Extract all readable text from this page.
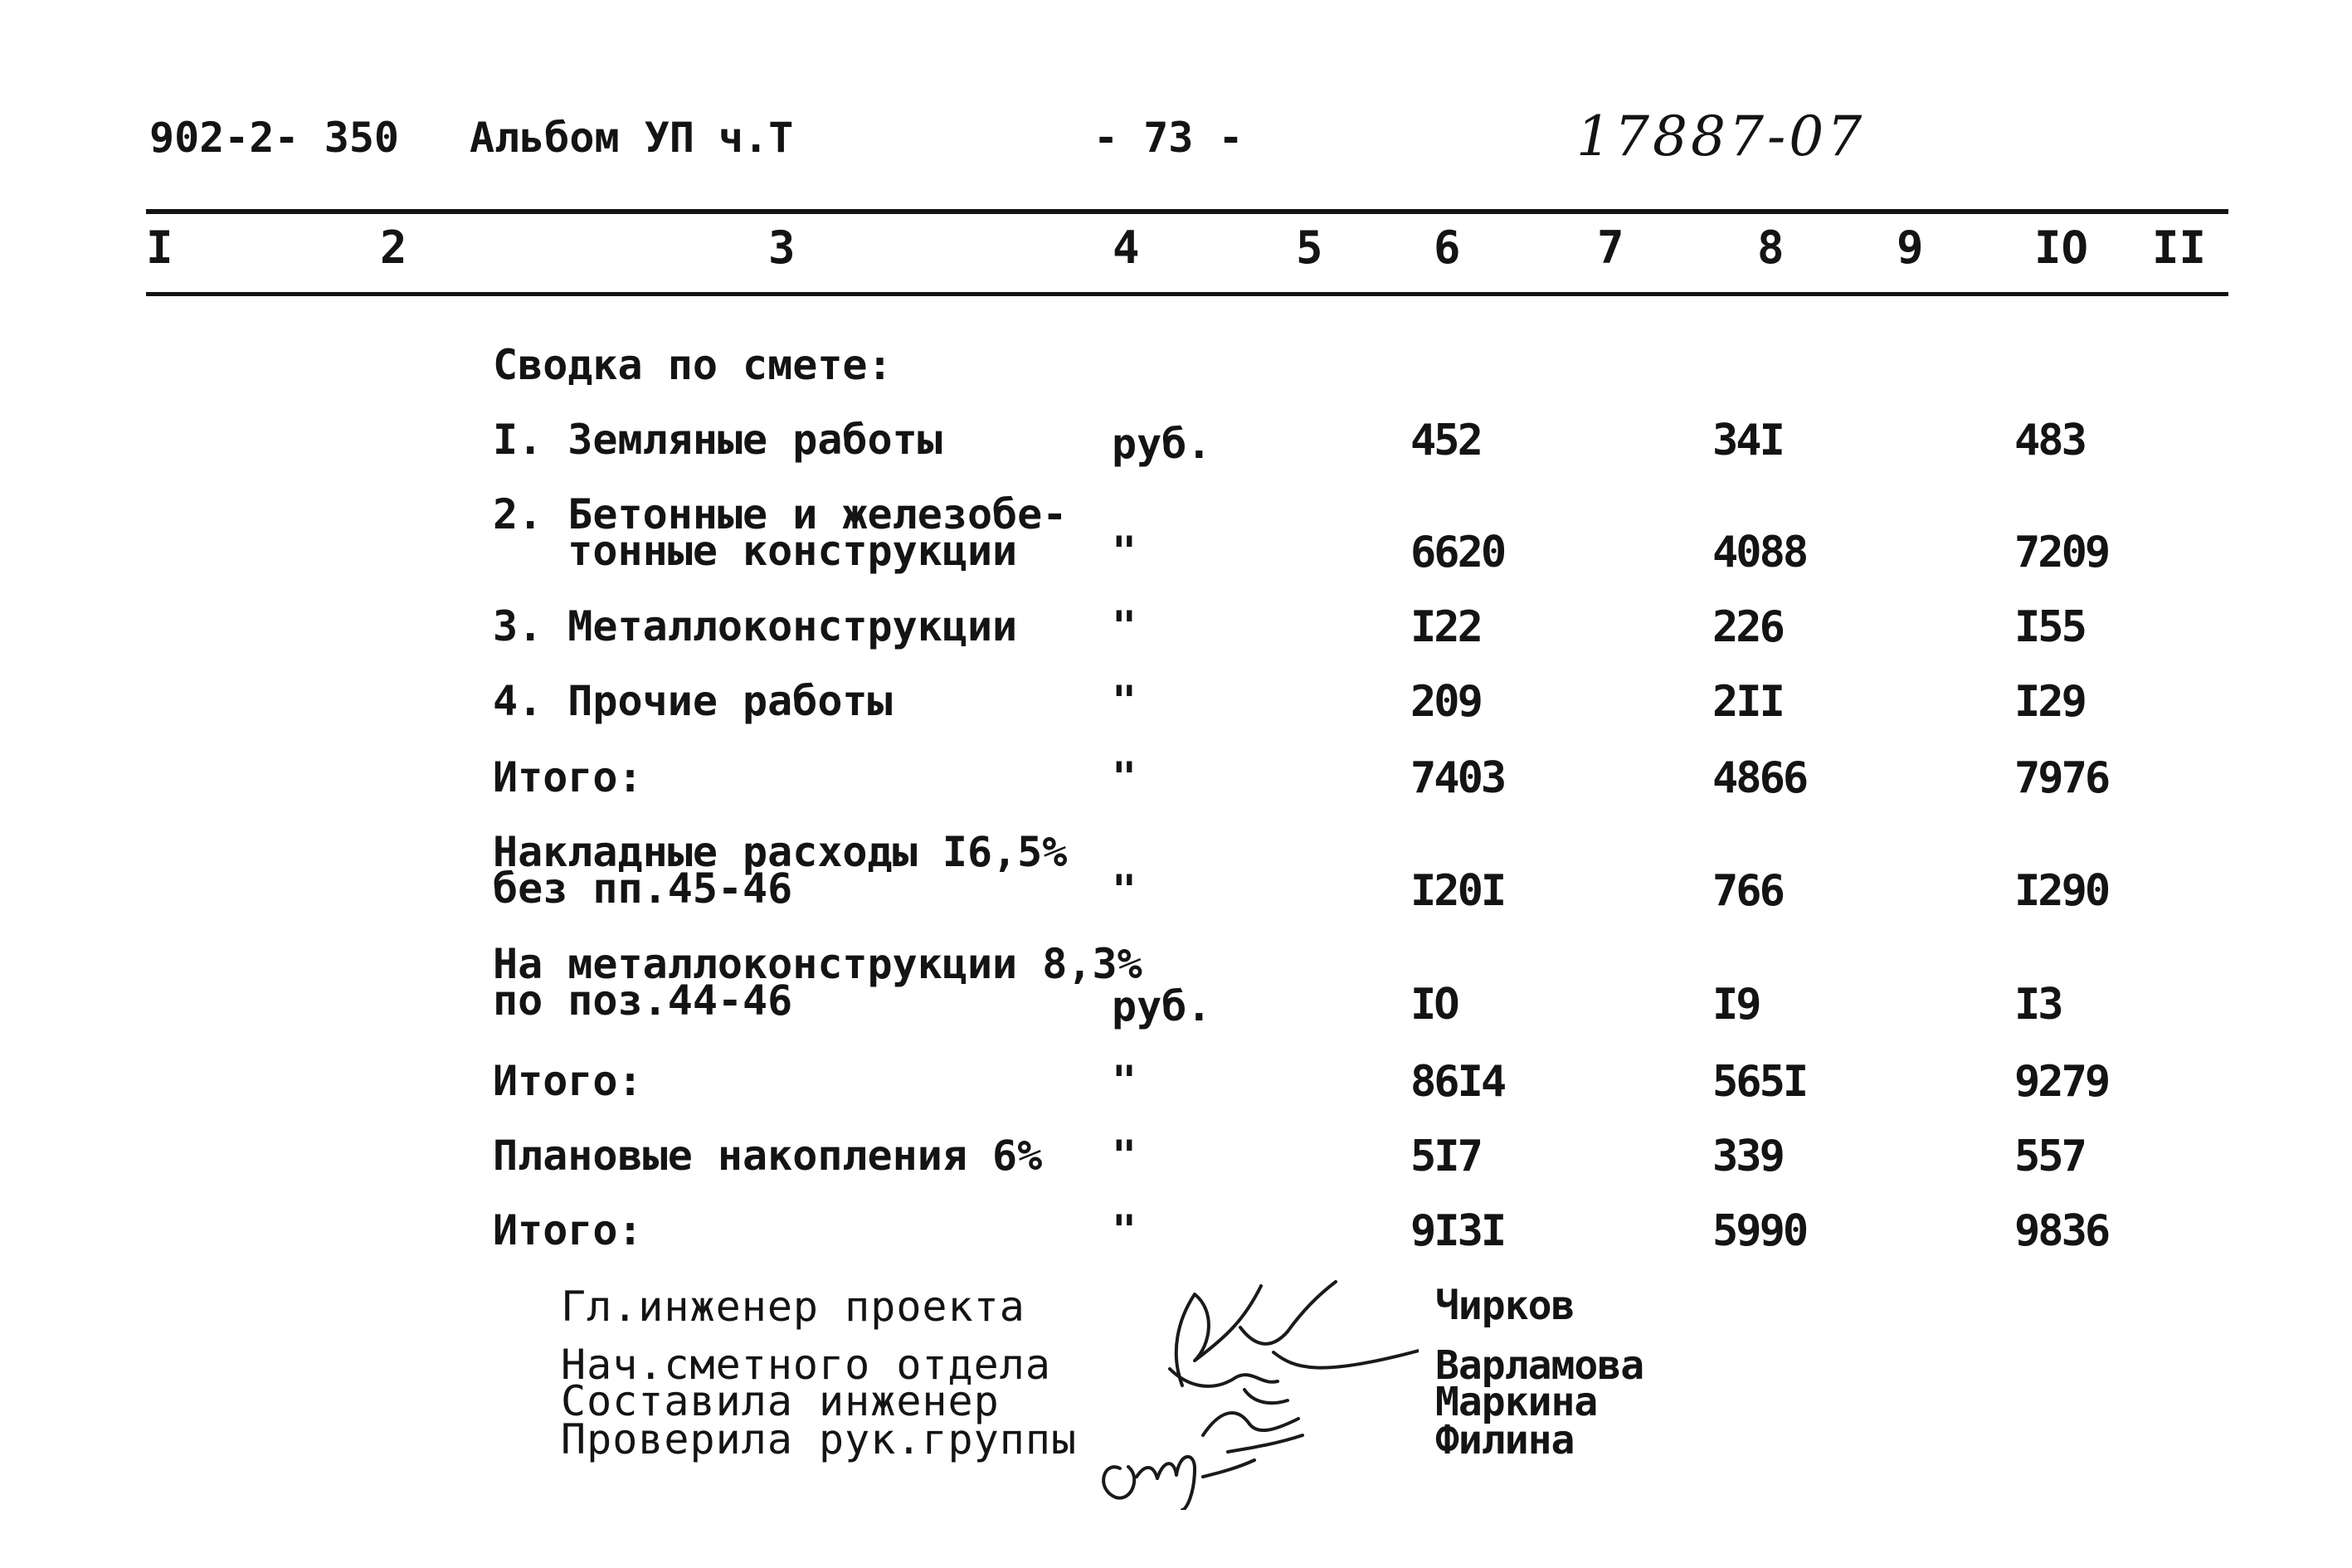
902-2- 350 Альбом УП ч.Т	- 73 -	17887-07
I	2	3	4	5 6	7	8	9 IO II
Сводка по смете:
I. Земляные работы	руб.	452	34I	483
2. Бетонные и железобе-
тонные конструкции	"	6620	4088	7209
3. Металлоконструкции "	I22	226	I55
4. Прочие работы	"	209	2II	I29
Итого:	"	7403	4866	7976
Накладные расходы I6,5%
без пп.45-46	"	I20I	766	I290
На металлоконструкции 8,3%
по поз.44-46	руб.	IO	I9	I3
Итого:	"	86I4	565I	9279
Плановые накопления 6% "	5I7	339	557
Итого:	"	9I3I	5990	9836
Гл.инженер проекта	Чирков
Нач.сметного отдела	Варламова
Составила инженер	Маркина
Проверила рук.группы	Филина
